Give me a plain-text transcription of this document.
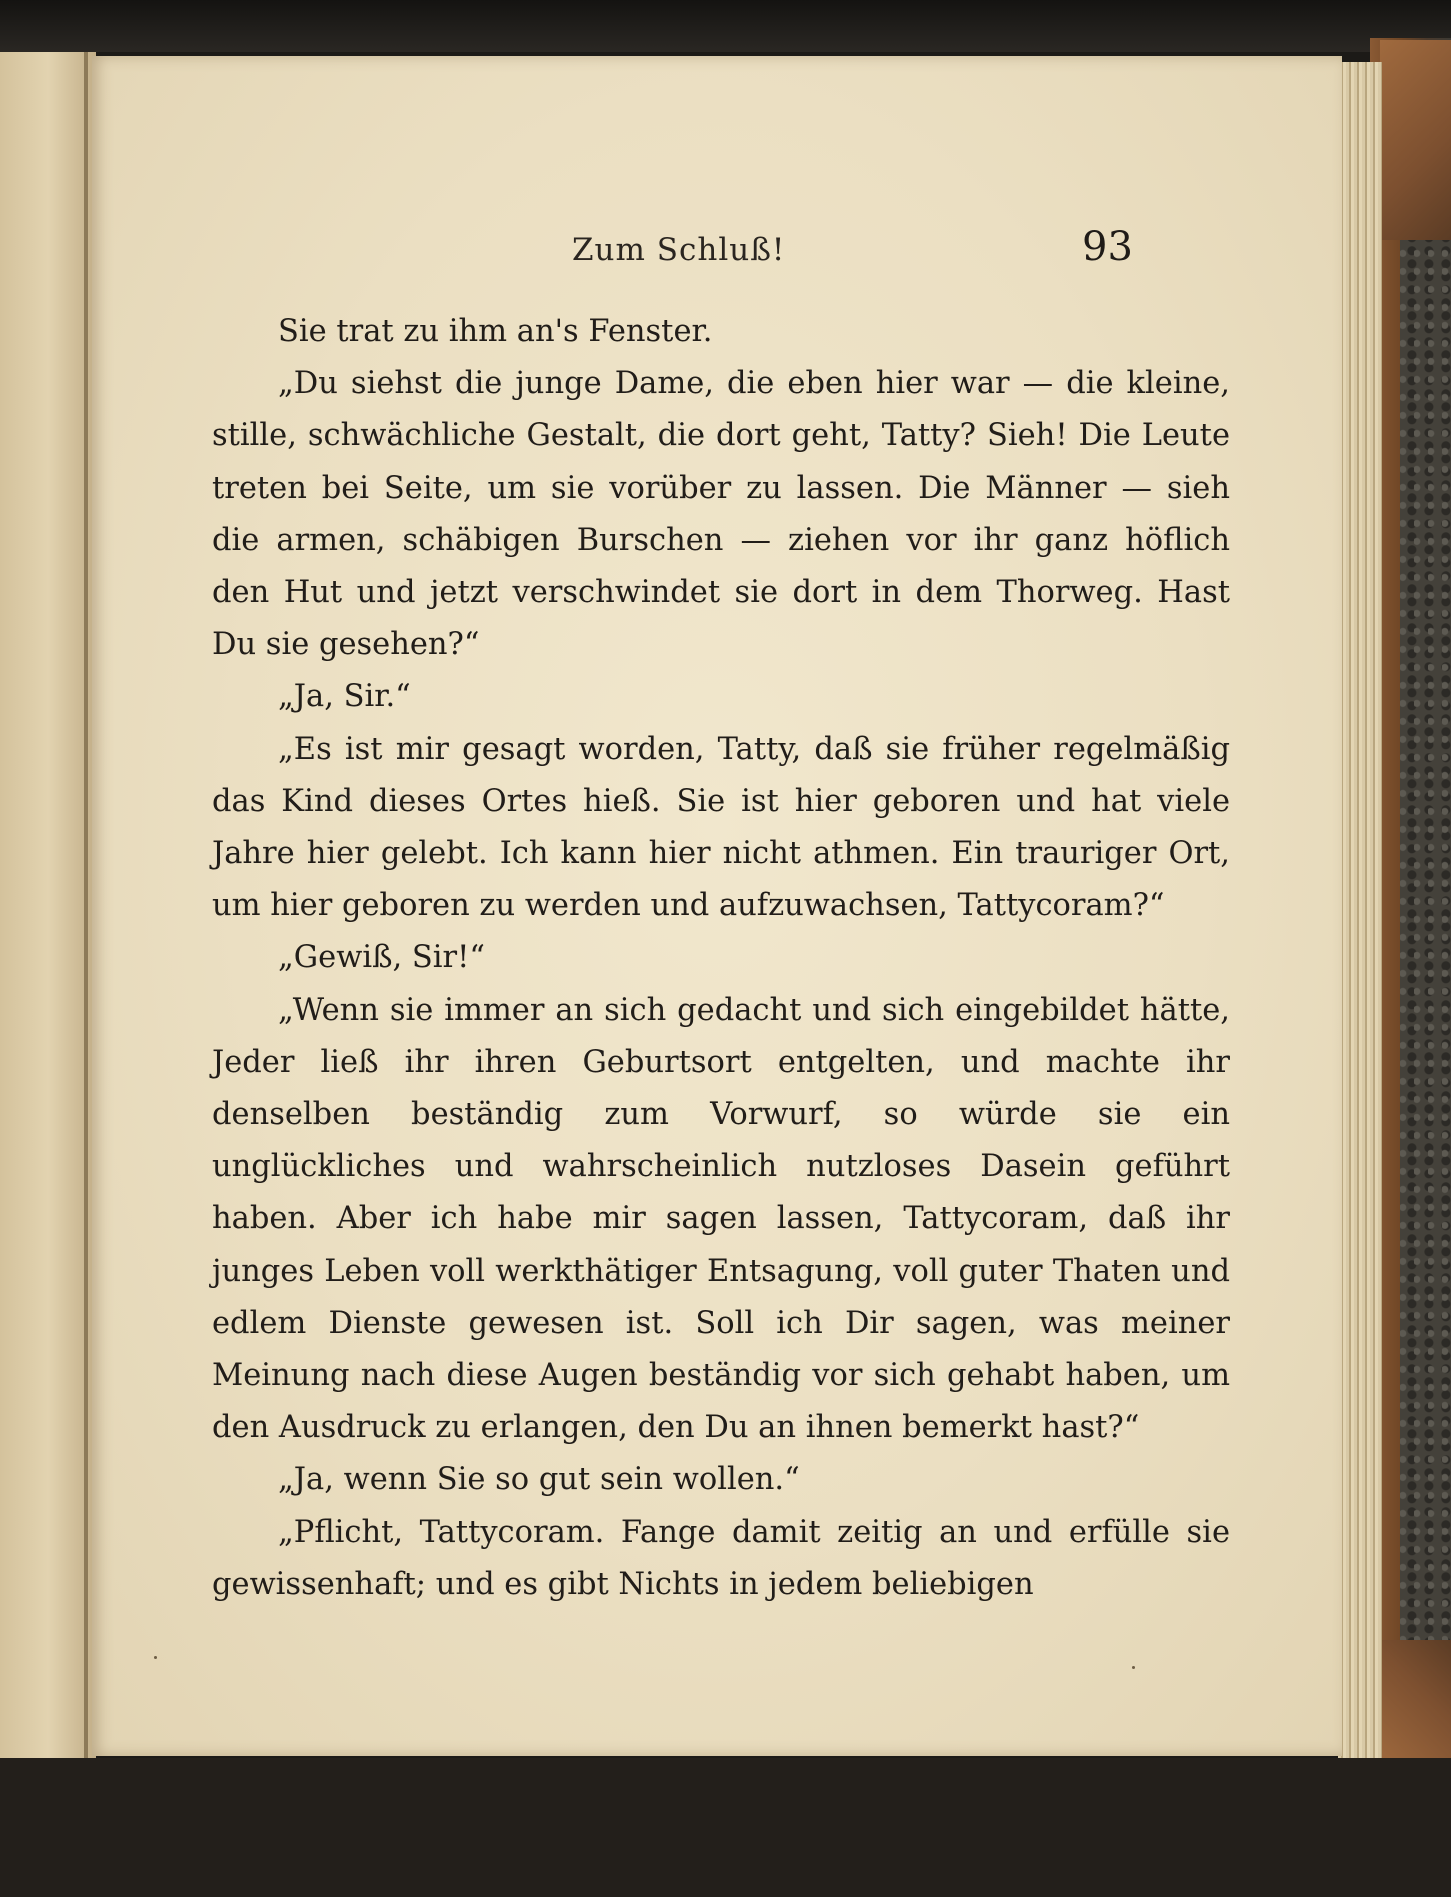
Zum Schluß!	93

Sie trat zu ihm an's Fenster.

„Du siehst die junge Dame, die eben hier war — die kleine, stille, schwächliche Gestalt, die dort geht, Tatty? Sieh! Die Leute treten bei Seite, um sie vorüber zu lassen. Die Männer — sieh die armen, schäbigen Burschen — ziehen vor ihr ganz höflich den Hut und jetzt verschwindet sie dort in dem Thorweg. Hast Du sie gesehen?“

„Ja, Sir.“

„Es ist mir gesagt worden, Tatty, daß sie früher regelmäßig das Kind dieses Ortes hieß. Sie ist hier geboren und hat viele Jahre hier gelebt. Ich kann hier nicht athmen. Ein trauriger Ort, um hier geboren zu werden und aufzuwachsen, Tattycoram?“

„Gewiß, Sir!“

„Wenn sie immer an sich gedacht und sich eingebildet hätte, Jeder ließ ihr ihren Geburtsort entgelten, und machte ihr denselben beständig zum Vorwurf, so würde sie ein unglückliches und wahrscheinlich nutzloses Dasein geführt haben. Aber ich habe mir sagen lassen, Tattycoram, daß ihr junges Leben voll werkthätiger Entsagung, voll guter Thaten und edlem Dienste gewesen ist. Soll ich Dir sagen, was meiner Meinung nach diese Augen beständig vor sich gehabt haben, um den Ausdruck zu erlangen, den Du an ihnen bemerkt hast?“

„Ja, wenn Sie so gut sein wollen.“

„Pflicht, Tattycoram. Fange damit zeitig an und erfülle sie gewissenhaft; und es gibt Nichts in jedem beliebigen
